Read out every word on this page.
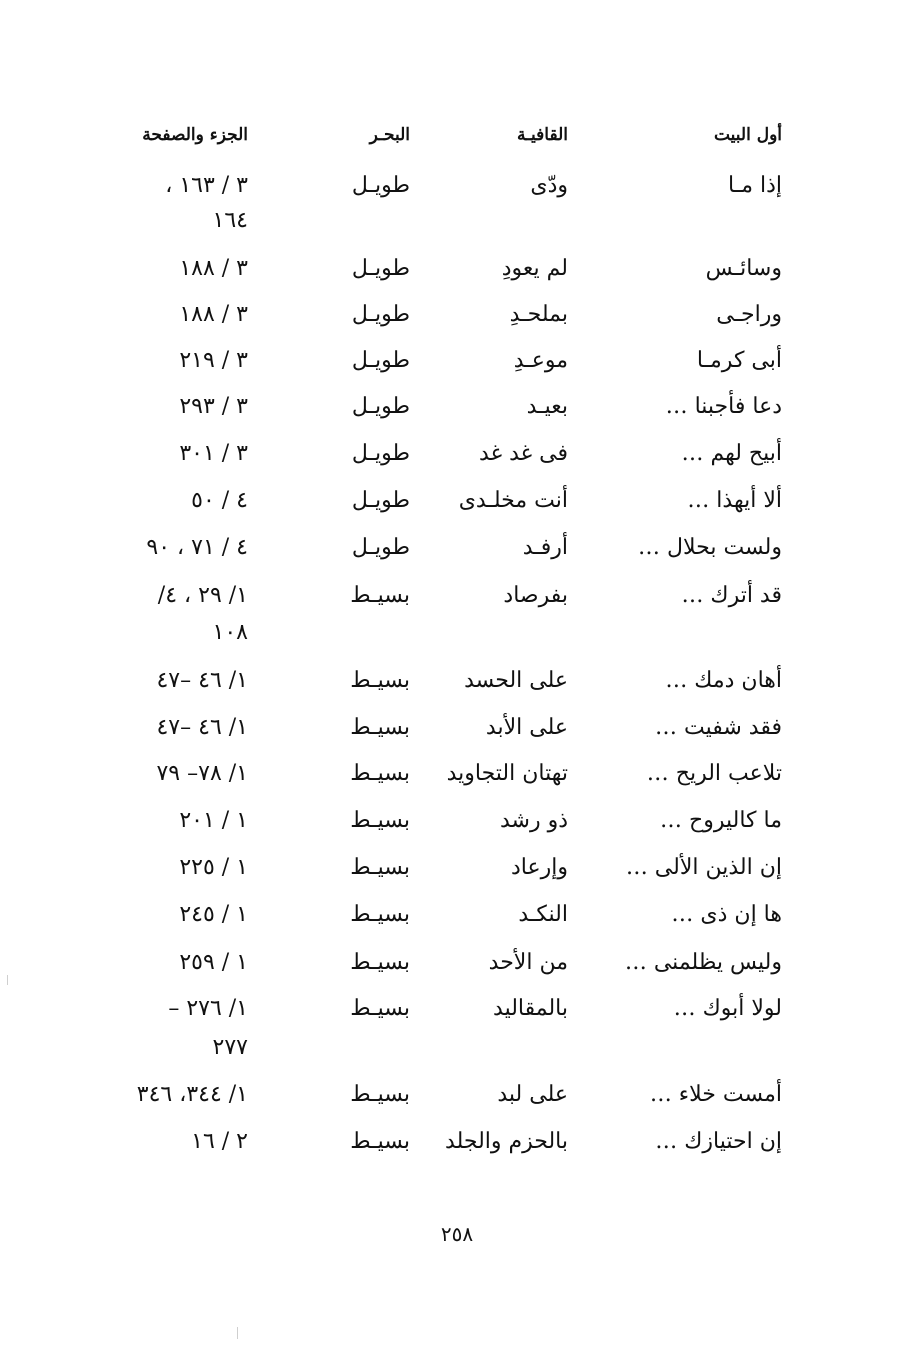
أول البيت
القافيـة
البحـر
الجزء والصفحة
إذا مـا
ودّى
طويـل
٣ / ١٦٣ ،
١٦٤
وسائـس
لم يعودِ
طويـل
٣ / ١٨٨
وراجـى
بملحـدِ
طويـل
٣ / ١٨٨
أبى كرمـا
موعـدِ
طويـل
٣ / ٢١٩
دعا فأجبنا …
بعيـد
طويـل
٣ / ٢٩٣
أبيح لهم …
فى غد غد
طويـل
٣ / ٣٠١
ألا أيهذا …
أنت مخلـدى
طويـل
٤ / ٥٠
ولست بحلال …
أرفـد
طويـل
٤ / ٧١ ، ٩٠
قد أترك …
بفرصاد
بسيـط
١/ ٢٩ ، ٤/
١٠٨
أهان دمك …
على الحسد
بسيـط
١/ ٤٦ –٤٧
فقد شفيت …
على الأبد
بسيـط
١/ ٤٦ –٤٧
تلاعب الريح …
تهتان التجاويد
بسيـط
١/ ٧٨– ٧٩
ما كاليروح …
ذو رشد
بسيـط
١ / ٢٠١
إن الذين الألى …
وإرعاد
بسيـط
١ / ٢٢٥
ها إن ذى …
النكـد
بسيـط
١ / ٢٤٥
وليس يظلمنى …
من الأحد
بسيـط
١ / ٢٥٩
لولا أبوك …
بالمقاليد
بسيـط
١/ ٢٧٦ –
٢٧٧
أمست خلاء …
على لبد
بسيـط
١/ ٣٤٤، ٣٤٦
إن احتيازك …
بالحزم والجلد
بسيـط
٢ / ١٦
٢٥٨
